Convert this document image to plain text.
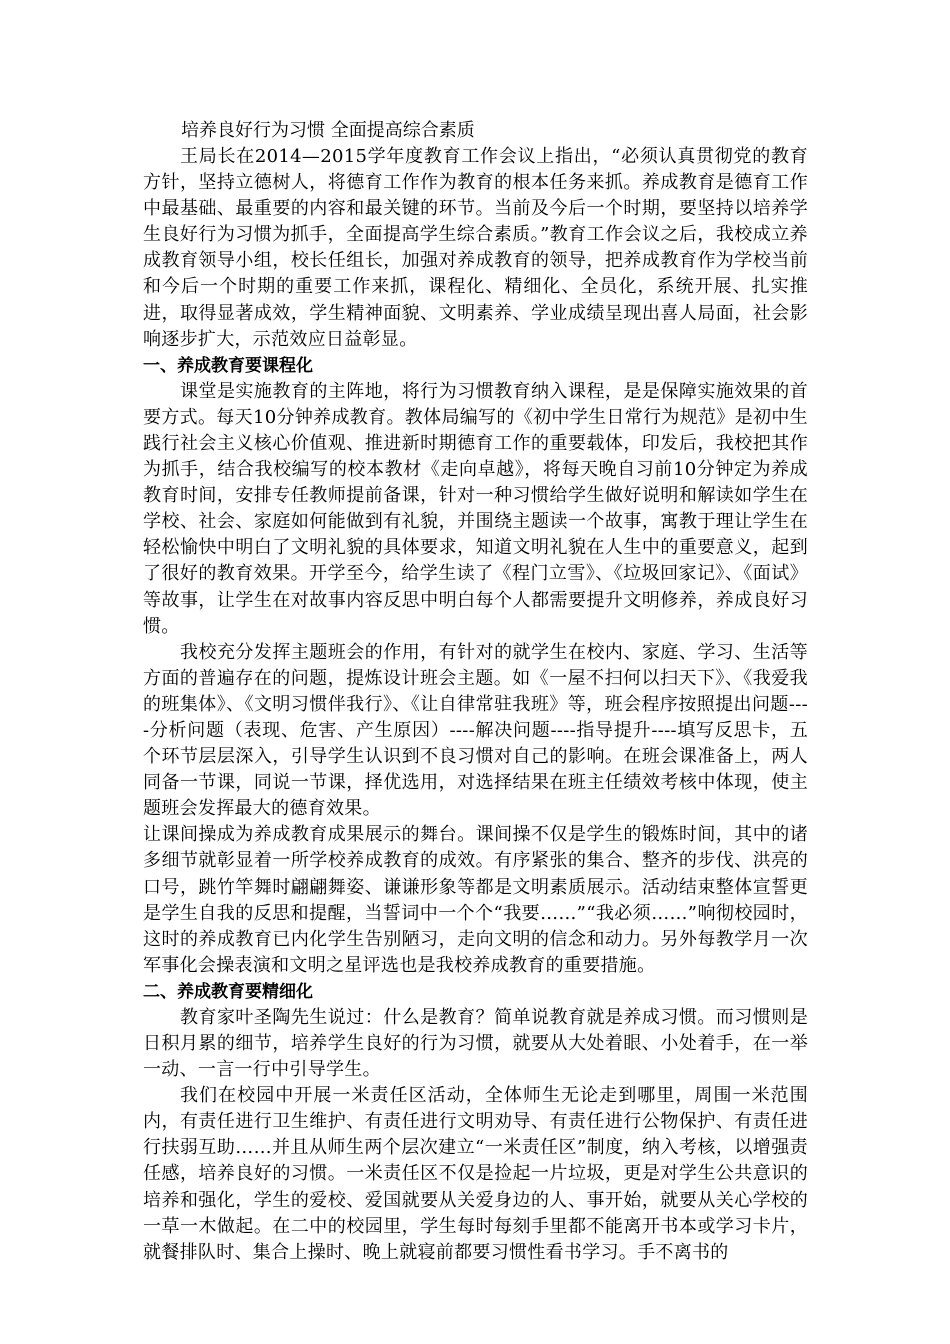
培养良好行为习惯 全面提高综合素质

王局长在2014—2015学年度教育工作会议上指出，“必须认真贯彻党的教育方针，坚持立德树人，将德育工作作为教育的根本任务来抓。养成教育是德育工作中最基础、最重要的内容和最关键的环节。当前及今后一个时期，要坚持以培养学生良好行为习惯为抓手，全面提高学生综合素质。”教育工作会议之后，我校成立养成教育领导小组，校长任组长，加强对养成教育的领导，把养成教育作为学校当前和今后一个时期的重要工作来抓，课程化、精细化、全员化，系统开展、扎实推进，取得显著成效，学生精神面貌、文明素养、学业成绩呈现出喜人局面，社会影响逐步扩大，示范效应日益彰显。

一、养成教育要课程化

课堂是实施教育的主阵地，将行为习惯教育纳入课程，是是保障实施效果的首要方式。每天10分钟养成教育。教体局编写的《初中学生日常行为规范》是初中生践行社会主义核心价值观、推进新时期德育工作的重要载体，印发后，我校把其作为抓手，结合我校编写的校本教材《走向卓越》，将每天晚自习前10分钟定为养成教育时间，安排专任教师提前备课，针对一种习惯给学生做好说明和解读如学生在学校、社会、家庭如何能做到有礼貌，并围绕主题读一个故事，寓教于理让学生在轻松愉快中明白了文明礼貌的具体要求，知道文明礼貌在人生中的重要意义，起到了很好的教育效果。开学至今，给学生读了《程门立雪》、《垃圾回家记》、《面试》等故事，让学生在对故事内容反思中明白每个人都需要提升文明修养，养成良好习惯。

我校充分发挥主题班会的作用，有针对的就学生在校内、家庭、学习、生活等方面的普遍存在的问题，提炼设计班会主题。如《一屋不扫何以扫天下》、《我爱我的班集体》、《文明习惯伴我行》、《让自律常驻我班》等，班会程序按照提出问题----分析问题（表现、危害、产生原因）----解决问题----指导提升----填写反思卡，五个环节层层深入，引导学生认识到不良习惯对自己的影响。在班会课准备上，两人同备一节课，同说一节课，择优选用，对选择结果在班主任绩效考核中体现，使主题班会发挥最大的德育效果。

让课间操成为养成教育成果展示的舞台。课间操不仅是学生的锻炼时间，其中的诸多细节就彰显着一所学校养成教育的成效。有序紧张的集合、整齐的步伐、洪亮的口号，跳竹竿舞时翩翩舞姿、谦谦形象等都是文明素质展示。活动结束整体宣誓更是学生自我的反思和提醒，当誓词中一个个“我要……”“我必须……”响彻校园时，这时的养成教育已内化学生告别陋习，走向文明的信念和动力。另外每教学月一次军事化会操表演和文明之星评选也是我校养成教育的重要措施。

二、养成教育要精细化

教育家叶圣陶先生说过：什么是教育？简单说教育就是养成习惯。而习惯则是日积月累的细节，培养学生良好的行为习惯，就要从大处着眼、小处着手，在一举一动、一言一行中引导学生。

我们在校园中开展一米责任区活动，全体师生无论走到哪里，周围一米范围内，有责任进行卫生维护、有责任进行文明劝导、有责任进行公物保护、有责任进行扶弱互助……并且从师生两个层次建立“一米责任区”制度，纳入考核，以增强责任感，培养良好的习惯。一米责任区不仅是捡起一片垃圾，更是对学生公共意识的培养和强化，学生的爱校、爱国就要从关爱身边的人、事开始，就要从关心学校的一草一木做起。在二中的校园里，学生每时每刻手里都不能离开书本或学习卡片，就餐排队时、集合上操时、晚上就寝前都要习惯性看书学习。手不离书的
